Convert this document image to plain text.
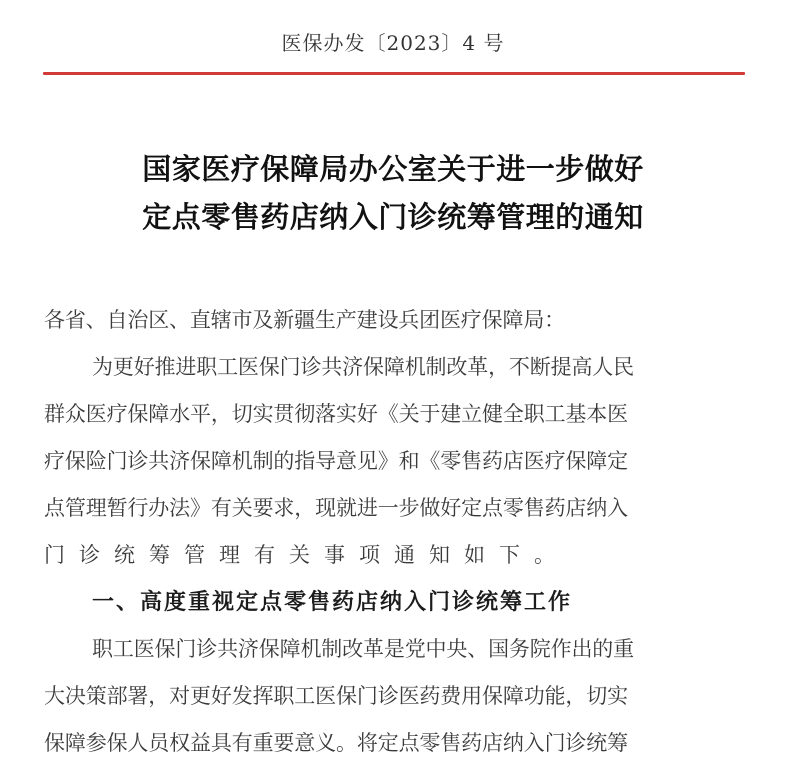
医保办发〔2023〕4 号
国家医疗保障局办公室关于进一步做好
定点零售药店纳入门诊统筹管理的通知
各省、自治区、直辖市及新疆生产建设兵团医疗保障局：
为更好推进职工医保门诊共济保障机制改革，不断提高人民
群众医疗保障水平，切实贯彻落实好《关于建立健全职工基本医
疗保险门诊共济保障机制的指导意见》和《零售药店医疗保障定
点管理暂行办法》有关要求，现就进一步做好定点零售药店纳入
门诊统筹管理有关事项通知如下。
一、高度重视定点零售药店纳入门诊统筹工作
职工医保门诊共济保障机制改革是党中央、国务院作出的重
大决策部署，对更好发挥职工医保门诊医药费用保障功能，切实
保障参保人员权益具有重要意义。将定点零售药店纳入门诊统筹
